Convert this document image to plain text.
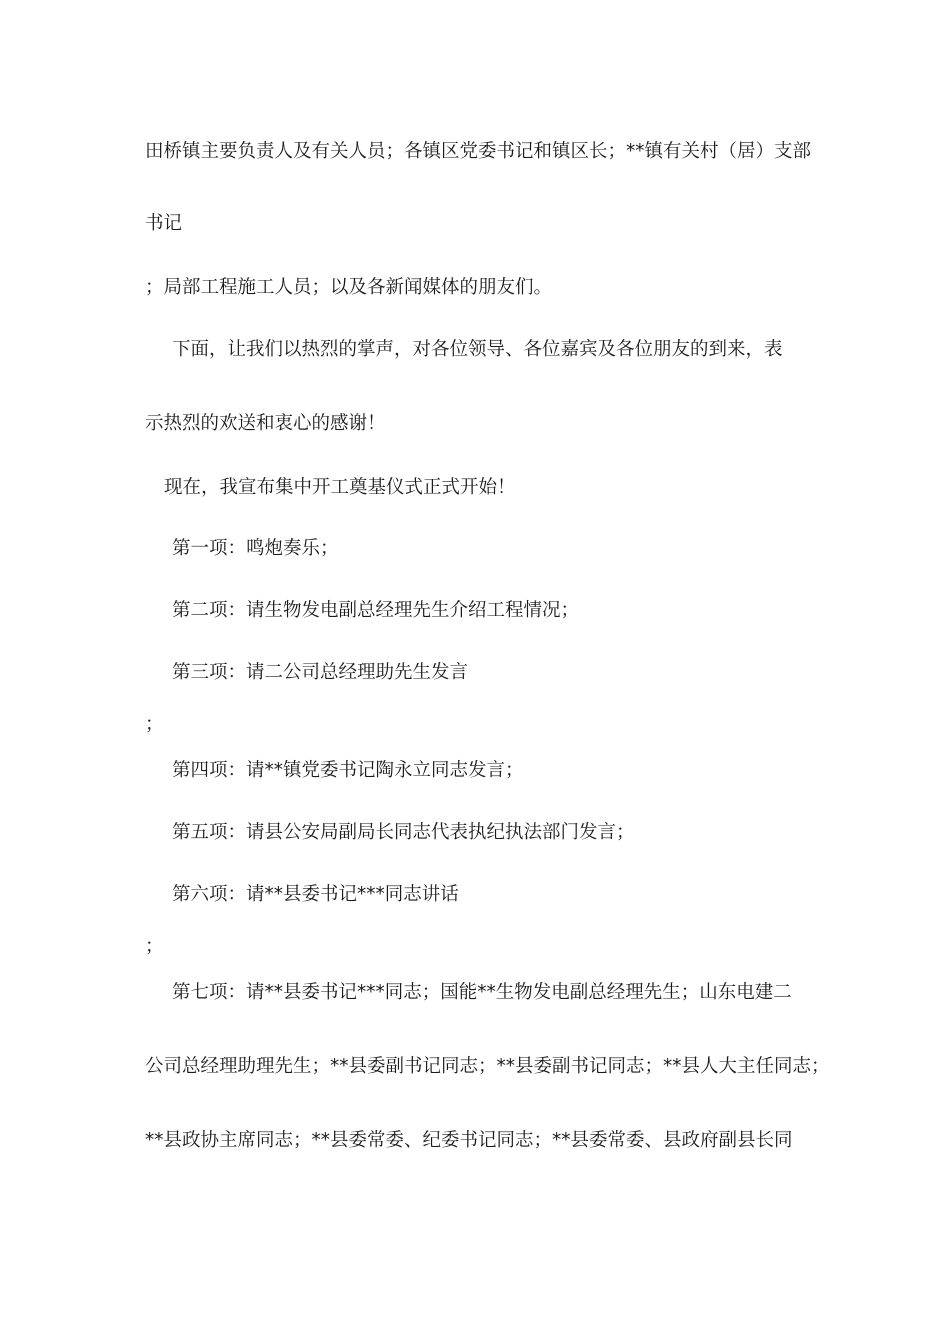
田桥镇主要负责人及有关人员；各镇区党委书记和镇区长；**镇有关村（居）支部
书记
；局部工程施工人员；以及各新闻媒体的朋友们。
下面，让我们以热烈的掌声，对各位领导、各位嘉宾及各位朋友的到来，表
示热烈的欢送和衷心的感谢！
现在，我宣布集中开工奠基仪式正式开始！
第一项：鸣炮奏乐；
第二项：请生物发电副总经理先生介绍工程情况；
第三项：请二公司总经理助先生发言
；
第四项：请**镇党委书记陶永立同志发言；
第五项：请县公安局副局长同志代表执纪执法部门发言；
第六项：请**县委书记***同志讲话
；
第七项：请**县委书记***同志；国能**生物发电副总经理先生；山东电建二
公司总经理助理先生；**县委副书记同志；**县委副书记同志；**县人大主任同志；
**县政协主席同志；**县委常委、纪委书记同志；**县委常委、县政府副县长同
